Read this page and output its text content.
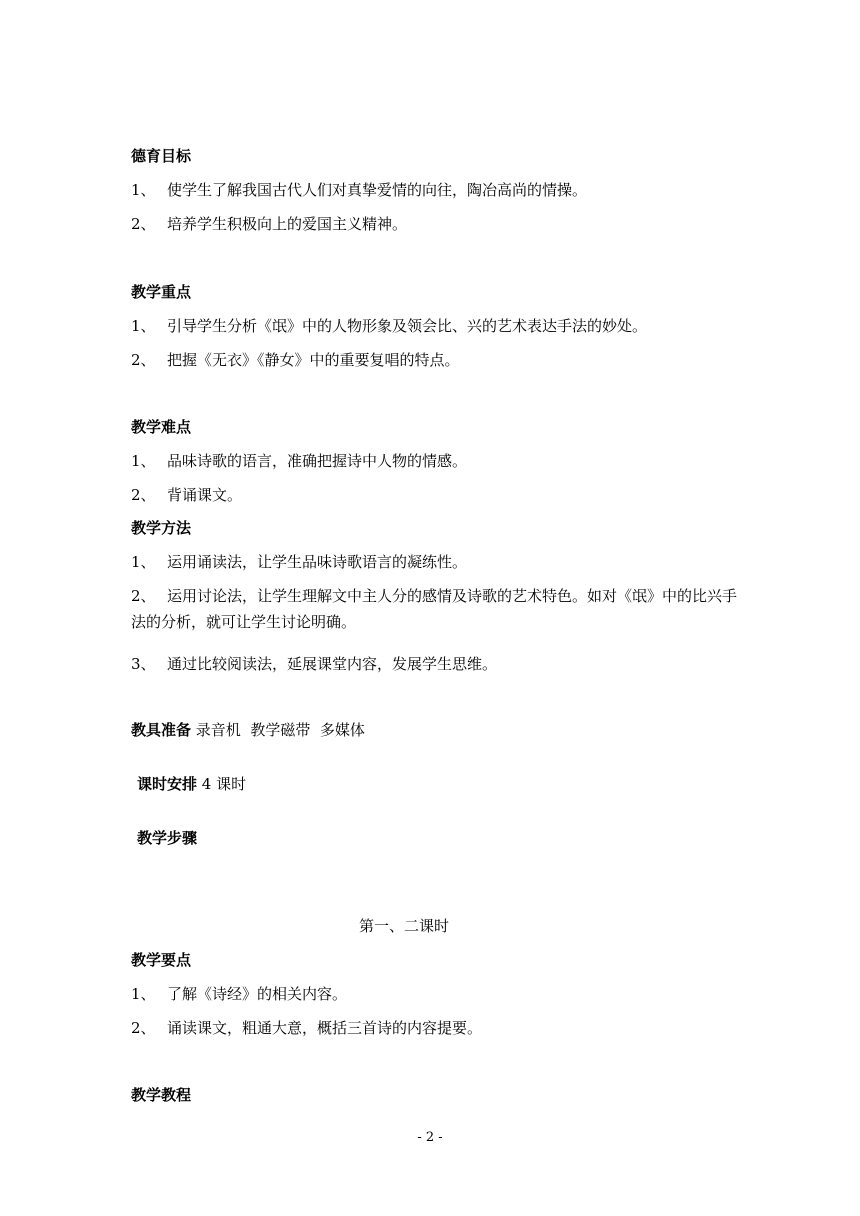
德育目标
1、 使学生了解我国古代人们对真挚爱情的向往，陶冶高尚的情操。
2、 培养学生积极向上的爱国主义精神。
教学重点
1、 引导学生分析《氓》中的人物形象及领会比、兴的艺术表达手法的妙处。
2、 把握《无衣》《静女》中的重要复唱的特点。
教学难点
1、 品味诗歌的语言，准确把握诗中人物的情感。
2、 背诵课文。
教学方法
1、 运用诵读法，让学生品味诗歌语言的凝练性。
2、 运用讨论法，让学生理解文中主人分的感情及诗歌的艺术特色。如对《氓》中的比兴手法的分析，就可让学生讨论明确。
3、 通过比较阅读法，延展课堂内容，发展学生思维。
教具准备 录音机  教学磁带  多媒体
课时安排 4 课时
教学步骤
第一、二课时
教学要点
1、 了解《诗经》的相关内容。
2、 诵读课文，粗通大意，概括三首诗的内容提要。
教学教程
- 2 -
